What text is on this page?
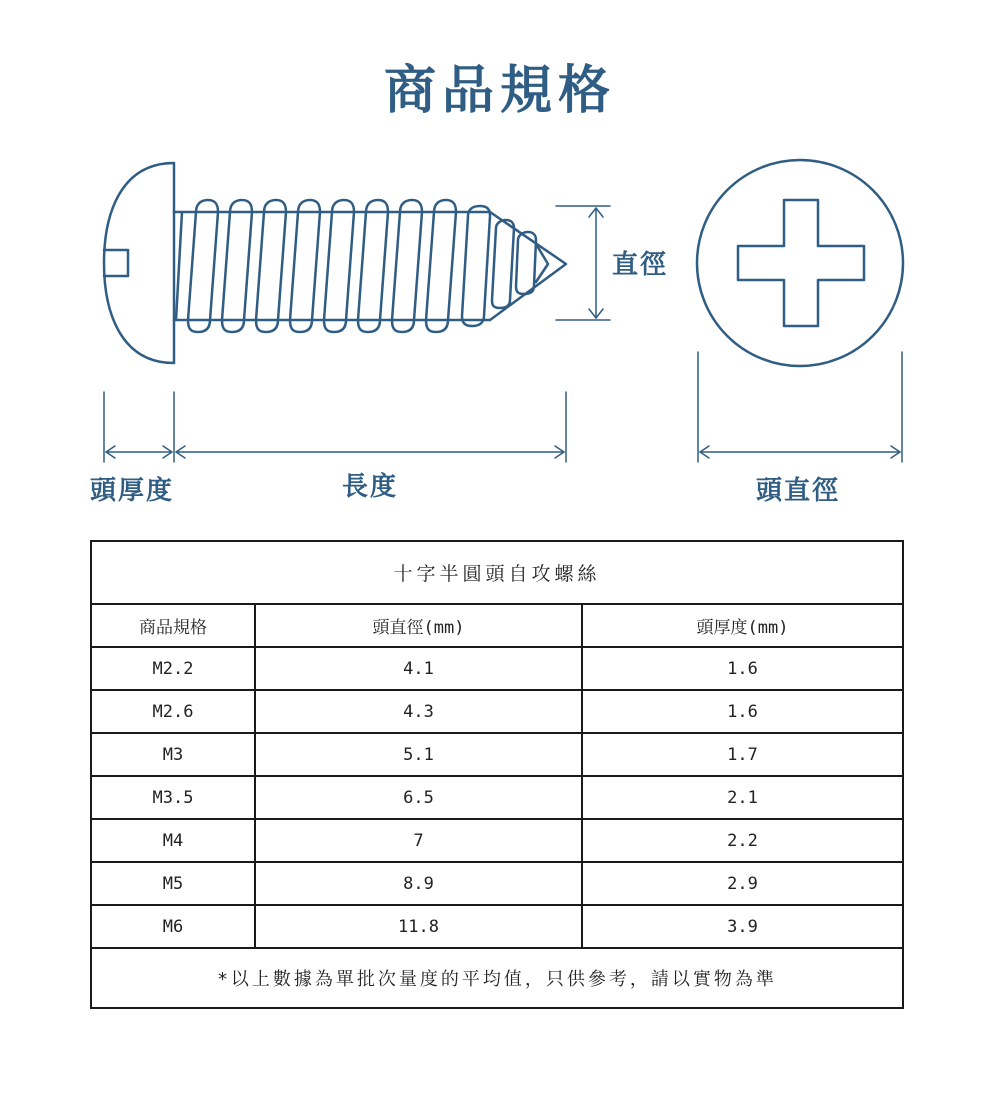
商品規格
直徑
頭厚度	長度	頭直徑
十字半圓頭自攻螺絲		
商品規格	頭直徑(mm)	頭厚度(mm)
M2.2	4.1	1.6
M2.6	4.3	1.6
M3	5.1	1.7
M3.5	6.5	2.1
M4	7	2.2
M5	8.9	2.9
M6	11.8	3.9
*以上數據為單批次量度的平均值，只供參考，請以實物為準		
